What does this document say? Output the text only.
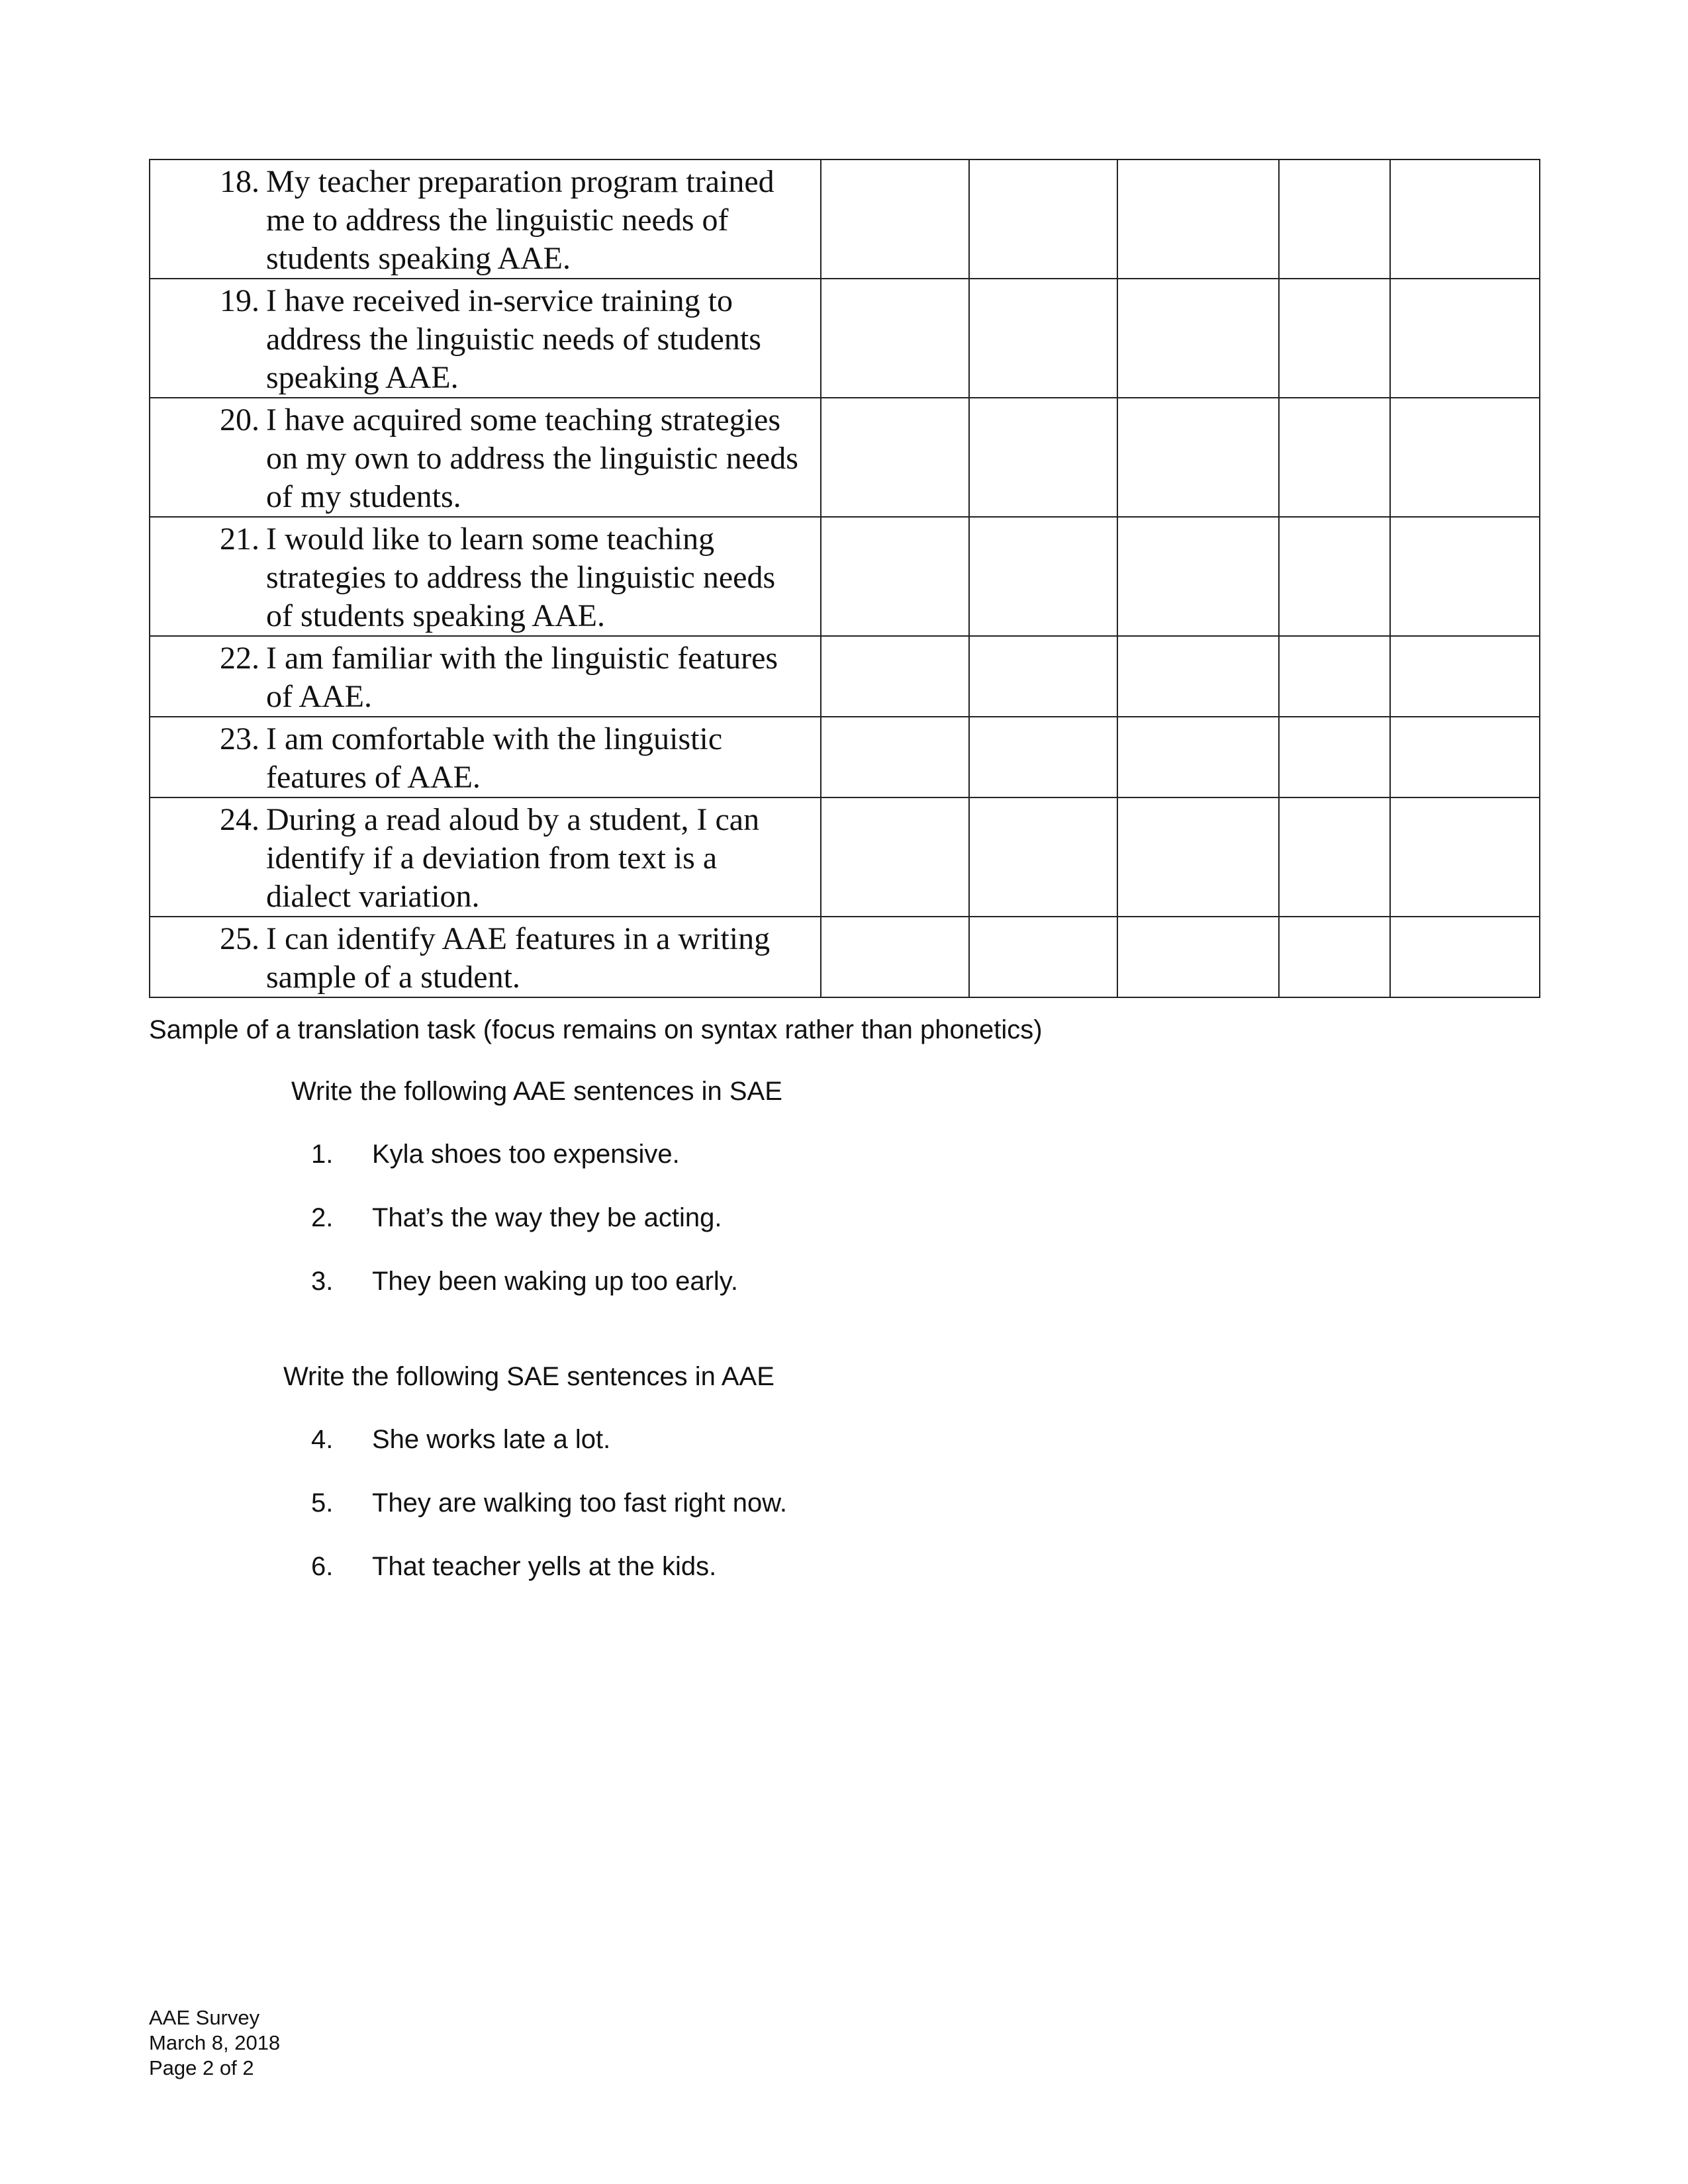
18. My teacher preparation program trained me to address the linguistic needs of students speaking AAE.					

19. I have received in-service training to address the linguistic needs of students speaking AAE.					

20. I have acquired some teaching strategies on my own to address the linguistic needs of my students.					

21. I would like to learn some teaching strategies to address the linguistic needs of students speaking AAE.					

22. I am familiar with the linguistic features of AAE.					

23. I am comfortable with the linguistic features of AAE.					

24. During a read aloud by a student, I can identify if a deviation from text is a dialect variation.					

25. I can identify AAE features in a writing sample of a student.					

Sample of a translation task (focus remains on syntax rather than phonetics)
Write the following AAE sentences in SAE
1.	Kyla shoes too expensive.
2.	That’s the way they be acting.
3.	They been waking up too early.
Write the following SAE sentences in AAE
4.	She works late a lot.
5.	They are walking too fast right now.
6.	That teacher yells at the kids.
AAE Survey
March 8, 2018
Page 2 of 2
